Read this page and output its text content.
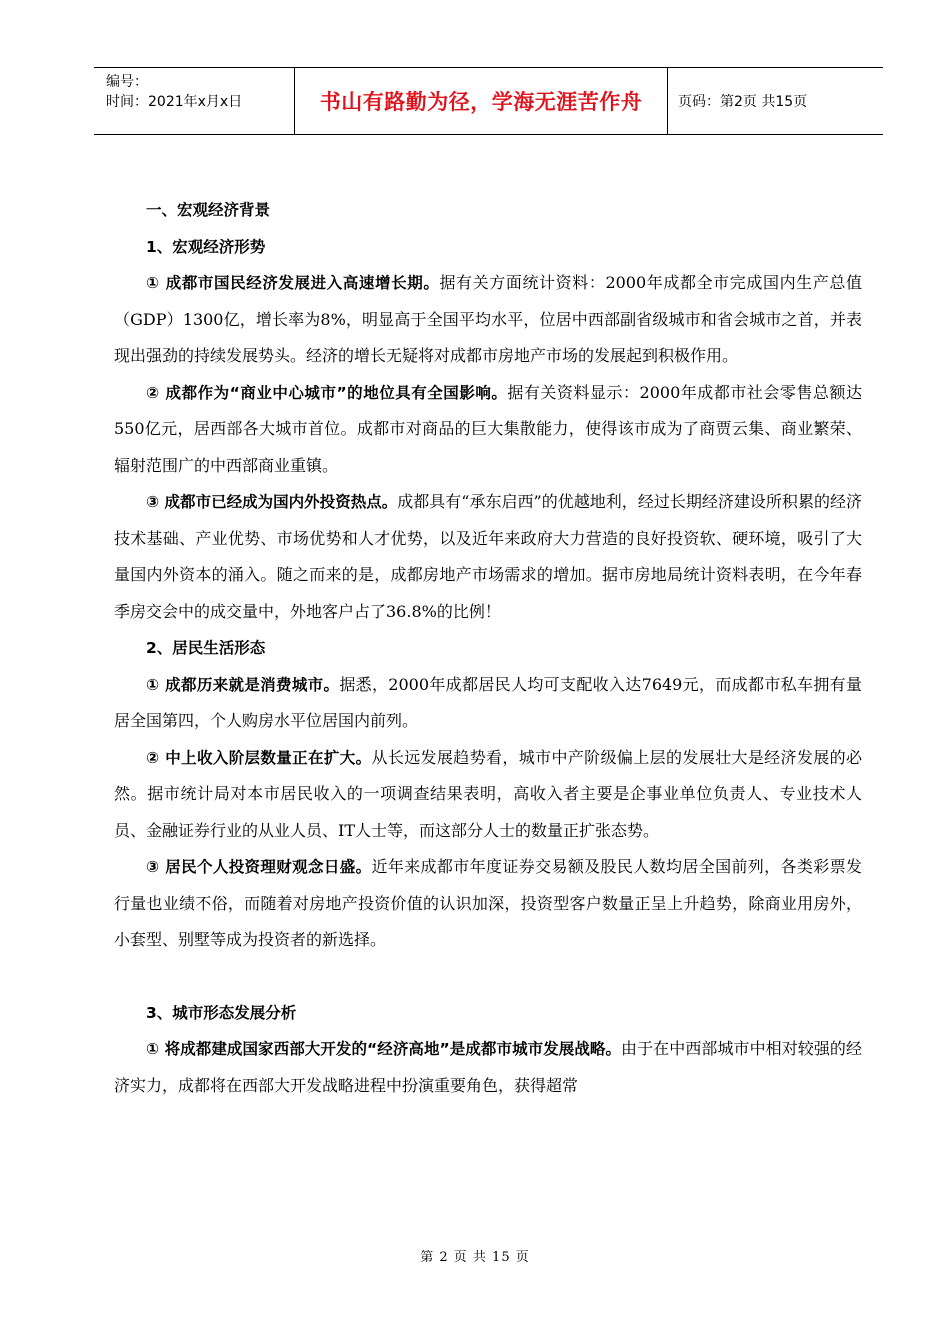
编号：
时间：2021年x月x日	书山有路勤为径，学海无涯苦作舟	页码：第2页 共15页

一、宏观经济背景

1、宏观经济形势

① 成都市国民经济发展进入高速增长期。据有关方面统计资料：2000年成都全市完成国内生产总值（GDP）1300亿，增长率为8%，明显高于全国平均水平，位居中西部副省级城市和省会城市之首，并表现出强劲的持续发展势头。经济的增长无疑将对成都市房地产市场的发展起到积极作用。

② 成都作为“商业中心城市”的地位具有全国影响。据有关资料显示：2000年成都市社会零售总额达550亿元，居西部各大城市首位。成都市对商品的巨大集散能力，使得该市成为了商贾云集、商业繁荣、辐射范围广的中西部商业重镇。

③ 成都市已经成为国内外投资热点。成都具有“承东启西”的优越地利，经过长期经济建设所积累的经济技术基础、产业优势、市场优势和人才优势，以及近年来政府大力营造的良好投资软、硬环境，吸引了大量国内外资本的涌入。随之而来的是，成都房地产市场需求的增加。据市房地局统计资料表明，在今年春季房交会中的成交量中，外地客户占了36.8%的比例！

2、居民生活形态

① 成都历来就是消费城市。据悉，2000年成都居民人均可支配收入达7649元，而成都市私车拥有量居全国第四，个人购房水平位居国内前列。

② 中上收入阶层数量正在扩大。从长远发展趋势看，城市中产阶级偏上层的发展壮大是经济发展的必然。据市统计局对本市居民收入的一项调查结果表明，高收入者主要是企事业单位负责人、专业技术人员、金融证券行业的从业人员、IT人士等，而这部分人士的数量正扩张态势。

③ 居民个人投资理财观念日盛。近年来成都市年度证券交易额及股民人数均居全国前列，各类彩票发行量也业绩不俗，而随着对房地产投资价值的认识加深，投资型客户数量正呈上升趋势，除商业用房外，小套型、别墅等成为投资者的新选择。

3、城市形态发展分析

① 将成都建成国家西部大开发的“经济高地”是成都市城市发展战略。由于在中西部城市中相对较强的经济实力，成都将在西部大开发战略进程中扮演重要角色，获得超常

第 2 页 共 15 页
